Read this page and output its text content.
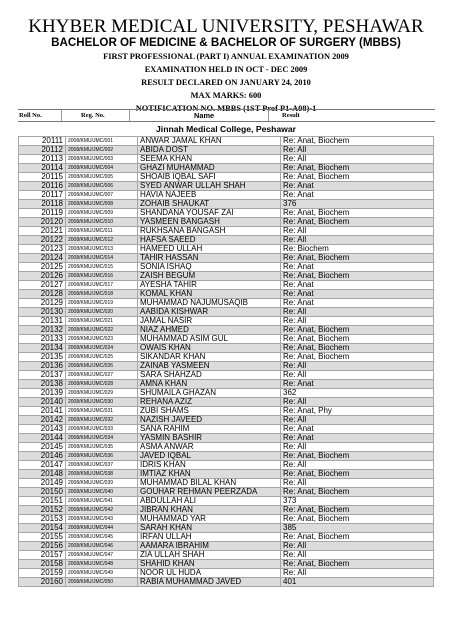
KHYBER MEDICAL UNIVERSITY, PESHAWAR
BACHELOR OF MEDICINE & BACHELOR OF SURGERY (MBBS)
FIRST PROFESSIONAL (PART I) ANNUAL EXAMINATION 2009
EXAMINATION HELD IN OCT - DEC 2009
RESULT DECLARED ON JANUARY 24, 2010
MAX MARKS: 600
NOTIFICATION NO. MBBS (1ST Prof P1-A08)-1
Roll No.	Reg. No.	Name	Result
Jinnah Medical College, Peshawar
20111	2008/KMU/JMC/001	ANWAR JAMAL KHAN	Re: Anat, Biochem
20112	2008/KMU/JMC/002	ABIDA DOST	Re: All
20113	2008/KMU/JMC/003	SEEMA KHAN	Re: All
20114	2008/KMU/JMC/004	GHAZI MUHAMMAD	Re: Anat, Biochem
20115	2008/KMU/JMC/005	SHOAIB IQBAL SAFI	Re: Anat, Biochem
20116	2008/KMU/JMC/006	SYED ANWAR ULLAH SHAH	Re: Anat
20117	2008/KMU/JMC/007	HAVIA NAJEEB	Re: Anat
20118	2008/KMU/JMC/008	ZOHAIB SHAUKAT	376
20119	2008/KMU/JMC/009	SHANDANA YOUSAF ZAI	Re: Anat, Biochem
20120	2008/KMU/JMC/010	YASMEEN BANGASH	Re: Anat, Biochem
20121	2008/KMU/JMC/011	RUKHSANA BANGASH	Re: All
20122	2008/KMU/JMC/012	HAFSA SAEED	Re: All
20123	2008/KMU/JMC/013	HAMEED ULLAH	Re: Biochem
20124	2008/KMU/JMC/014	TAHIR HASSAN	Re: Anat, Biochem
20125	2008/KMU/JMC/015	SONIA ISHAQ	Re: Anat
20126	2008/KMU/JMC/016	ZAISH BEGUM	Re: Anat, Biochem
20127	2008/KMU/JMC/017	AYESHA TAHIR	Re: Anat
20128	2008/KMU/JMC/018	KOMAL KHAN	Re: Anat
20129	2008/KMU/JMC/019	MUHAMMAD NAJUMUSAQIB	Re: Anat
20130	2008/KMU/JMC/020	AABIDA KISHWAR	Re: All
20131	2008/KMU/JMC/021	JAMAL NASIR	Re: All
20132	2008/KMU/JMC/022	NIAZ AHMED	Re: Anat, Biochem
20133	2008/KMU/JMC/023	MUHAMMAD ASIM GUL	Re: Anat, Biochem
20134	2008/KMU/JMC/024	OWAIS KHAN	Re: Anat, Biochem
20135	2008/KMU/JMC/025	SIKANDAR KHAN	Re: Anat, Biochem
20136	2008/KMU/JMC/026	ZAINAB YASMEEN	Re: All
20137	2008/KMU/JMC/027	SARA SHAHZAD	Re: All
20138	2008/KMU/JMC/028	AMNA KHAN	Re: Anat
20139	2008/KMU/JMC/029	SHUMAILA GHAZAN	362
20140	2008/KMU/JMC/030	REHANA AZIZ	Re: All
20141	2008/KMU/JMC/031	ZUBI SHAMS	Re: Anat, Phy
20142	2008/KMU/JMC/032	NAZISH JAVEED	Re: All
20143	2008/KMU/JMC/033	SANA RAHIM	Re: Anat
20144	2008/KMU/JMC/034	YASMIN BASHIR	Re: Anat
20145	2008/KMU/JMC/035	ASMA ANWAR	Re: All
20146	2008/KMU/JMC/036	JAVED IQBAL	Re: Anat, Biochem
20147	2008/KMU/JMC/037	IDRIS KHAN	Re: All
20148	2008/KMU/JMC/038	IMTIAZ KHAN	Re: Anat, Biochem
20149	2008/KMU/JMC/039	MUHAMMAD BILAL KHAN	Re: All
20150	2008/KMU/JMC/040	GOUHAR REHMAN PEERZADA	Re: Anat, Biochem
20151	2008/KMU/JMC/041	ABDULLAH ALI	373
20152	2008/KMU/JMC/042	JIBRAN KHAN	Re: Anat, Biochem
20153	2008/KMU/JMC/043	MUHAMMAD YAR	Re: Anat, Biochem
20154	2008/KMU/JMC/044	SARAH KHAN	385
20155	2008/KMU/JMC/045	IRFAN ULLAH	Re: Anat, Biochem
20156	2008/KMU/JMC/046	AAMARA IBRAHIM	Re: All
20157	2008/KMU/JMC/047	ZIA ULLAH SHAH	Re: All
20158	2008/KMU/JMC/048	SHAHID KHAN	Re: Anat, Biochem
20159	2008/KMU/JMC/049	NOOR UL HUDA	Re: All
20160	2008/KMU/JMC/050	RABIA MUHAMMAD JAVED	401
